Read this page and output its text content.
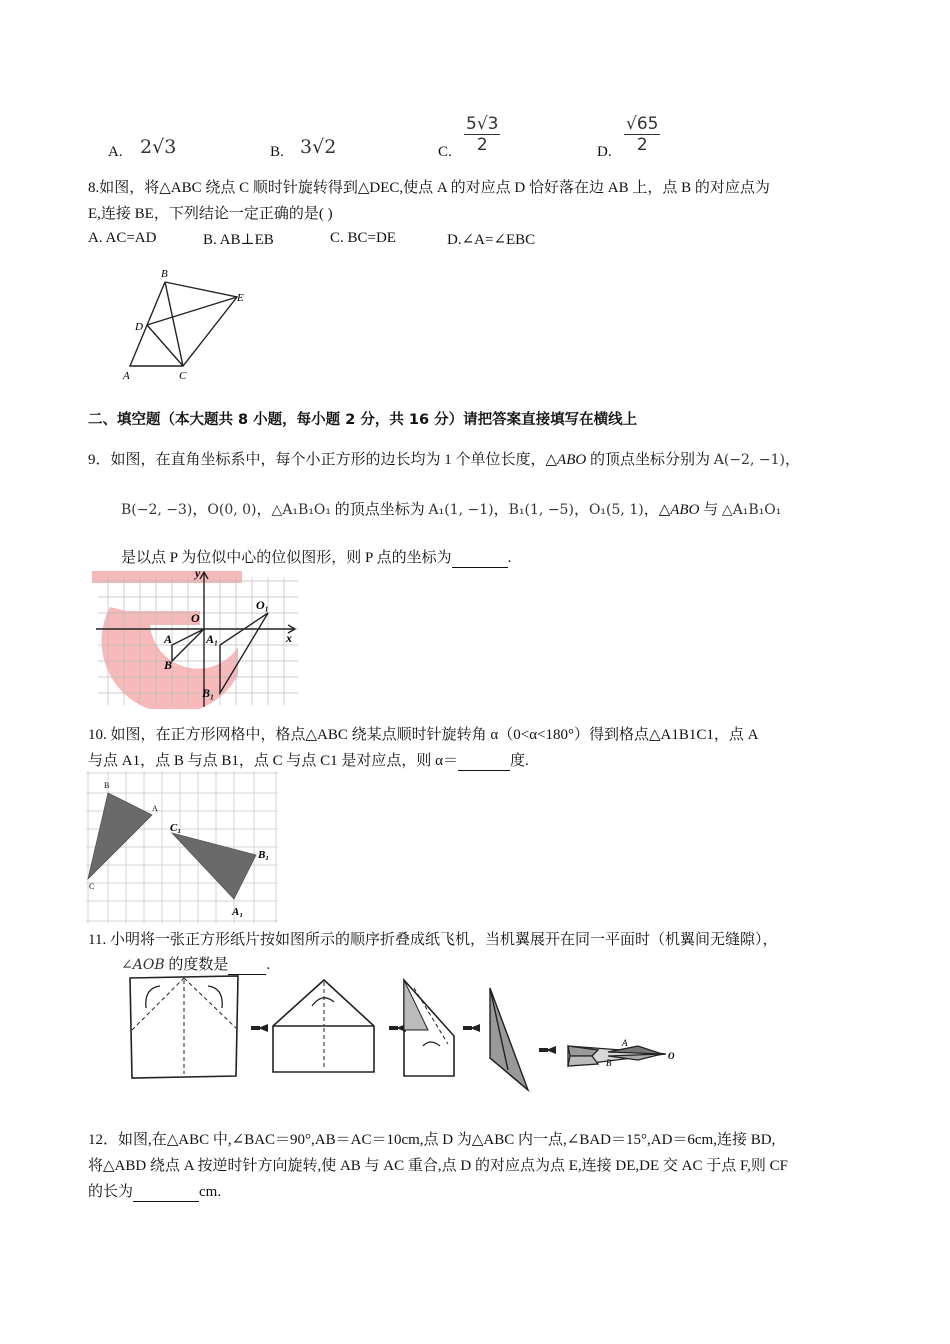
A. 2√3	B. 3√2	C. $\frac{5√3}{2}$	D. $\frac{√65}{2}$
8.如图，将△ABC 绕点 C 顺时针旋转得到△DEC,使点 A 的对应点 D 恰好落在边 AB 上，点 B 的对应点为
E,连接 BE，下列结论一定正确的是( )
A. AC=AD	B. AB⊥EB	C. BC=DE	D.∠A=∠EBC
B
E
D
A	C
二、填空题（本大题共 8 小题，每小题 2 分，共 16 分）请把答案直接填写在横线上
9．如图，在直角坐标系中，每个小正方形的边长均为 1 个单位长度，△ABO 的顶点坐标分别为 A(−2, −1)，
B(−2, −3)，O(0, 0)，△A₁B₁O₁ 的顶点坐标为 A₁(1, −1)，B₁(1, −5)，O₁(5, 1)，△ABO 与 △A₁B₁O₁
是以点 P 为位似中心的位似图形，则 P 点的坐标为	.
y
x
O
O₁
A	A₁
B
B₁
10. 如图，在正方形网格中，格点△ABC 绕某点顺时针旋转角 α（0<α<180°）得到格点△A1B1C1，点 A
与点 A1，点 B 与点 B1，点 C 与点 C1 是对应点，则 α＝	度.
B
A
C
C₁
B₁
A₁
11. 小明将一张正方形纸片按如图所示的顺序折叠成纸飞机，当机翼展开在同一平面时（机翼间无缝隙），
∠AOB 的度数是	.
A
B
O
12．如图,在△ABC 中,∠BAC＝90°,AB＝AC＝10cm,点 D 为△ABC 内一点,∠BAD＝15°,AD＝6cm,连接 BD,
将△ABD 绕点 A 按逆时针方向旋转,使 AB 与 AC 重合,点 D 的对应点为点 E,连接 DE,DE 交 AC 于点 F,则 CF
的长为	cm.
